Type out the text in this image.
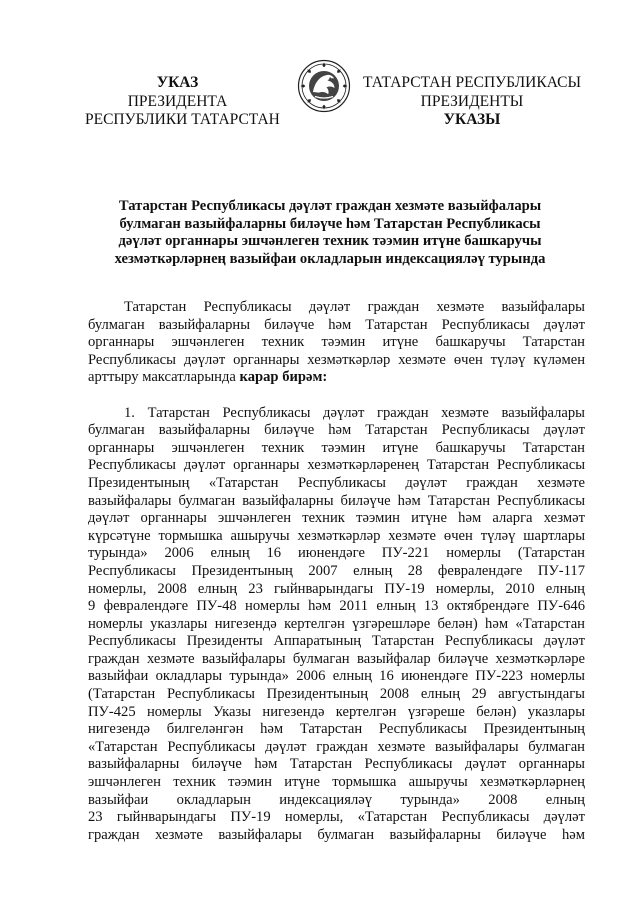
УКАЗ
ПРЕЗИДЕНТА
РЕСПУБЛИКИ ТАТАРСТАН
ТАТАРСТАН РЕСПУБЛИКАСЫ
ПРЕЗИДЕНТЫ
УКАЗЫ
Татарстан Республикасы дәүләт граждан хезмәте вазыйфалары
булмаган вазыйфаларны биләүче һәм Татарстан Республикасы
дәүләт органнары эшчәнлеген техник тәэмин итүне башкаручы
хезмәткәрләрнең вазыйфаи окладларын индексацияләү турында
Татарстан Республикасы дәүләт граждан хезмәте вазыйфалары
булмаган вазыйфаларны биләүче һәм Татарстан Республикасы дәүләт
органнары эшчәнлеген техник тәэмин итүне башкаручы Татарстан
Республикасы дәүләт органнары хезмәткәрләр хезмәте өчен түләү күләмен
арттыру максатларында карар бирәм:
1. Татарстан Республикасы дәүләт граждан хезмәте вазыйфалары
булмаган вазыйфаларны биләүче һәм Татарстан Республикасы дәүләт
органнары эшчәнлеген техник тәэмин итүне башкаручы Татарстан
Республикасы дәүләт органнары хезмәткәрләренең Татарстан Республикасы
Президентының «Татарстан Республикасы дәүләт граждан хезмәте
вазыйфалары булмаган вазыйфаларны биләүче һәм Татарстан Республикасы
дәүләт органнары эшчәнлеген техник тәэмин итүне һәм аларга хезмәт
күрсәтүне тормышка ашыручы хезмәткәрләр хезмәте өчен түләү шартлары
турында» 2006 елның 16 июнендәге ПУ-221 номерлы (Татарстан
Республикасы Президентының 2007 елның 28 февралендәге ПУ-117
номерлы, 2008 елның 23 гыйнварындагы ПУ-19 номерлы, 2010 елның
9 февралендәге ПУ-48 номерлы һәм 2011 елның 13 октябрендәге ПУ-646
номерлы указлары нигезендә кертелгән үзгәрешләре белән) һәм «Татарстан
Республикасы Президенты Аппаратының Татарстан Республикасы дәүләт
граждан хезмәте вазыйфалары булмаган вазыйфалар биләүче хезмәткәрләре
вазыйфаи окладлары турында» 2006 елның 16 июнендәге ПУ-223 номерлы
(Татарстан Республикасы Президентының 2008 елның 29 августындагы
ПУ-425 номерлы Указы нигезендә кертелгән үзгәреше белән) указлары
нигезендә билгеләнгән һәм Татарстан Республикасы Президентының
«Татарстан Республикасы дәүләт граждан хезмәте вазыйфалары булмаган
вазыйфаларны биләүче һәм Татарстан Республикасы дәүләт органнары
эшчәнлеген техник тәэмин итүне тормышка ашыручы хезмәткәрләрнең
вазыйфаи окладларын индексацияләү турында» 2008 елның
23 гыйнварындагы ПУ-19 номерлы, «Татарстан Республикасы дәүләт
граждан хезмәте вазыйфалары булмаган вазыйфаларны биләүче һәм
